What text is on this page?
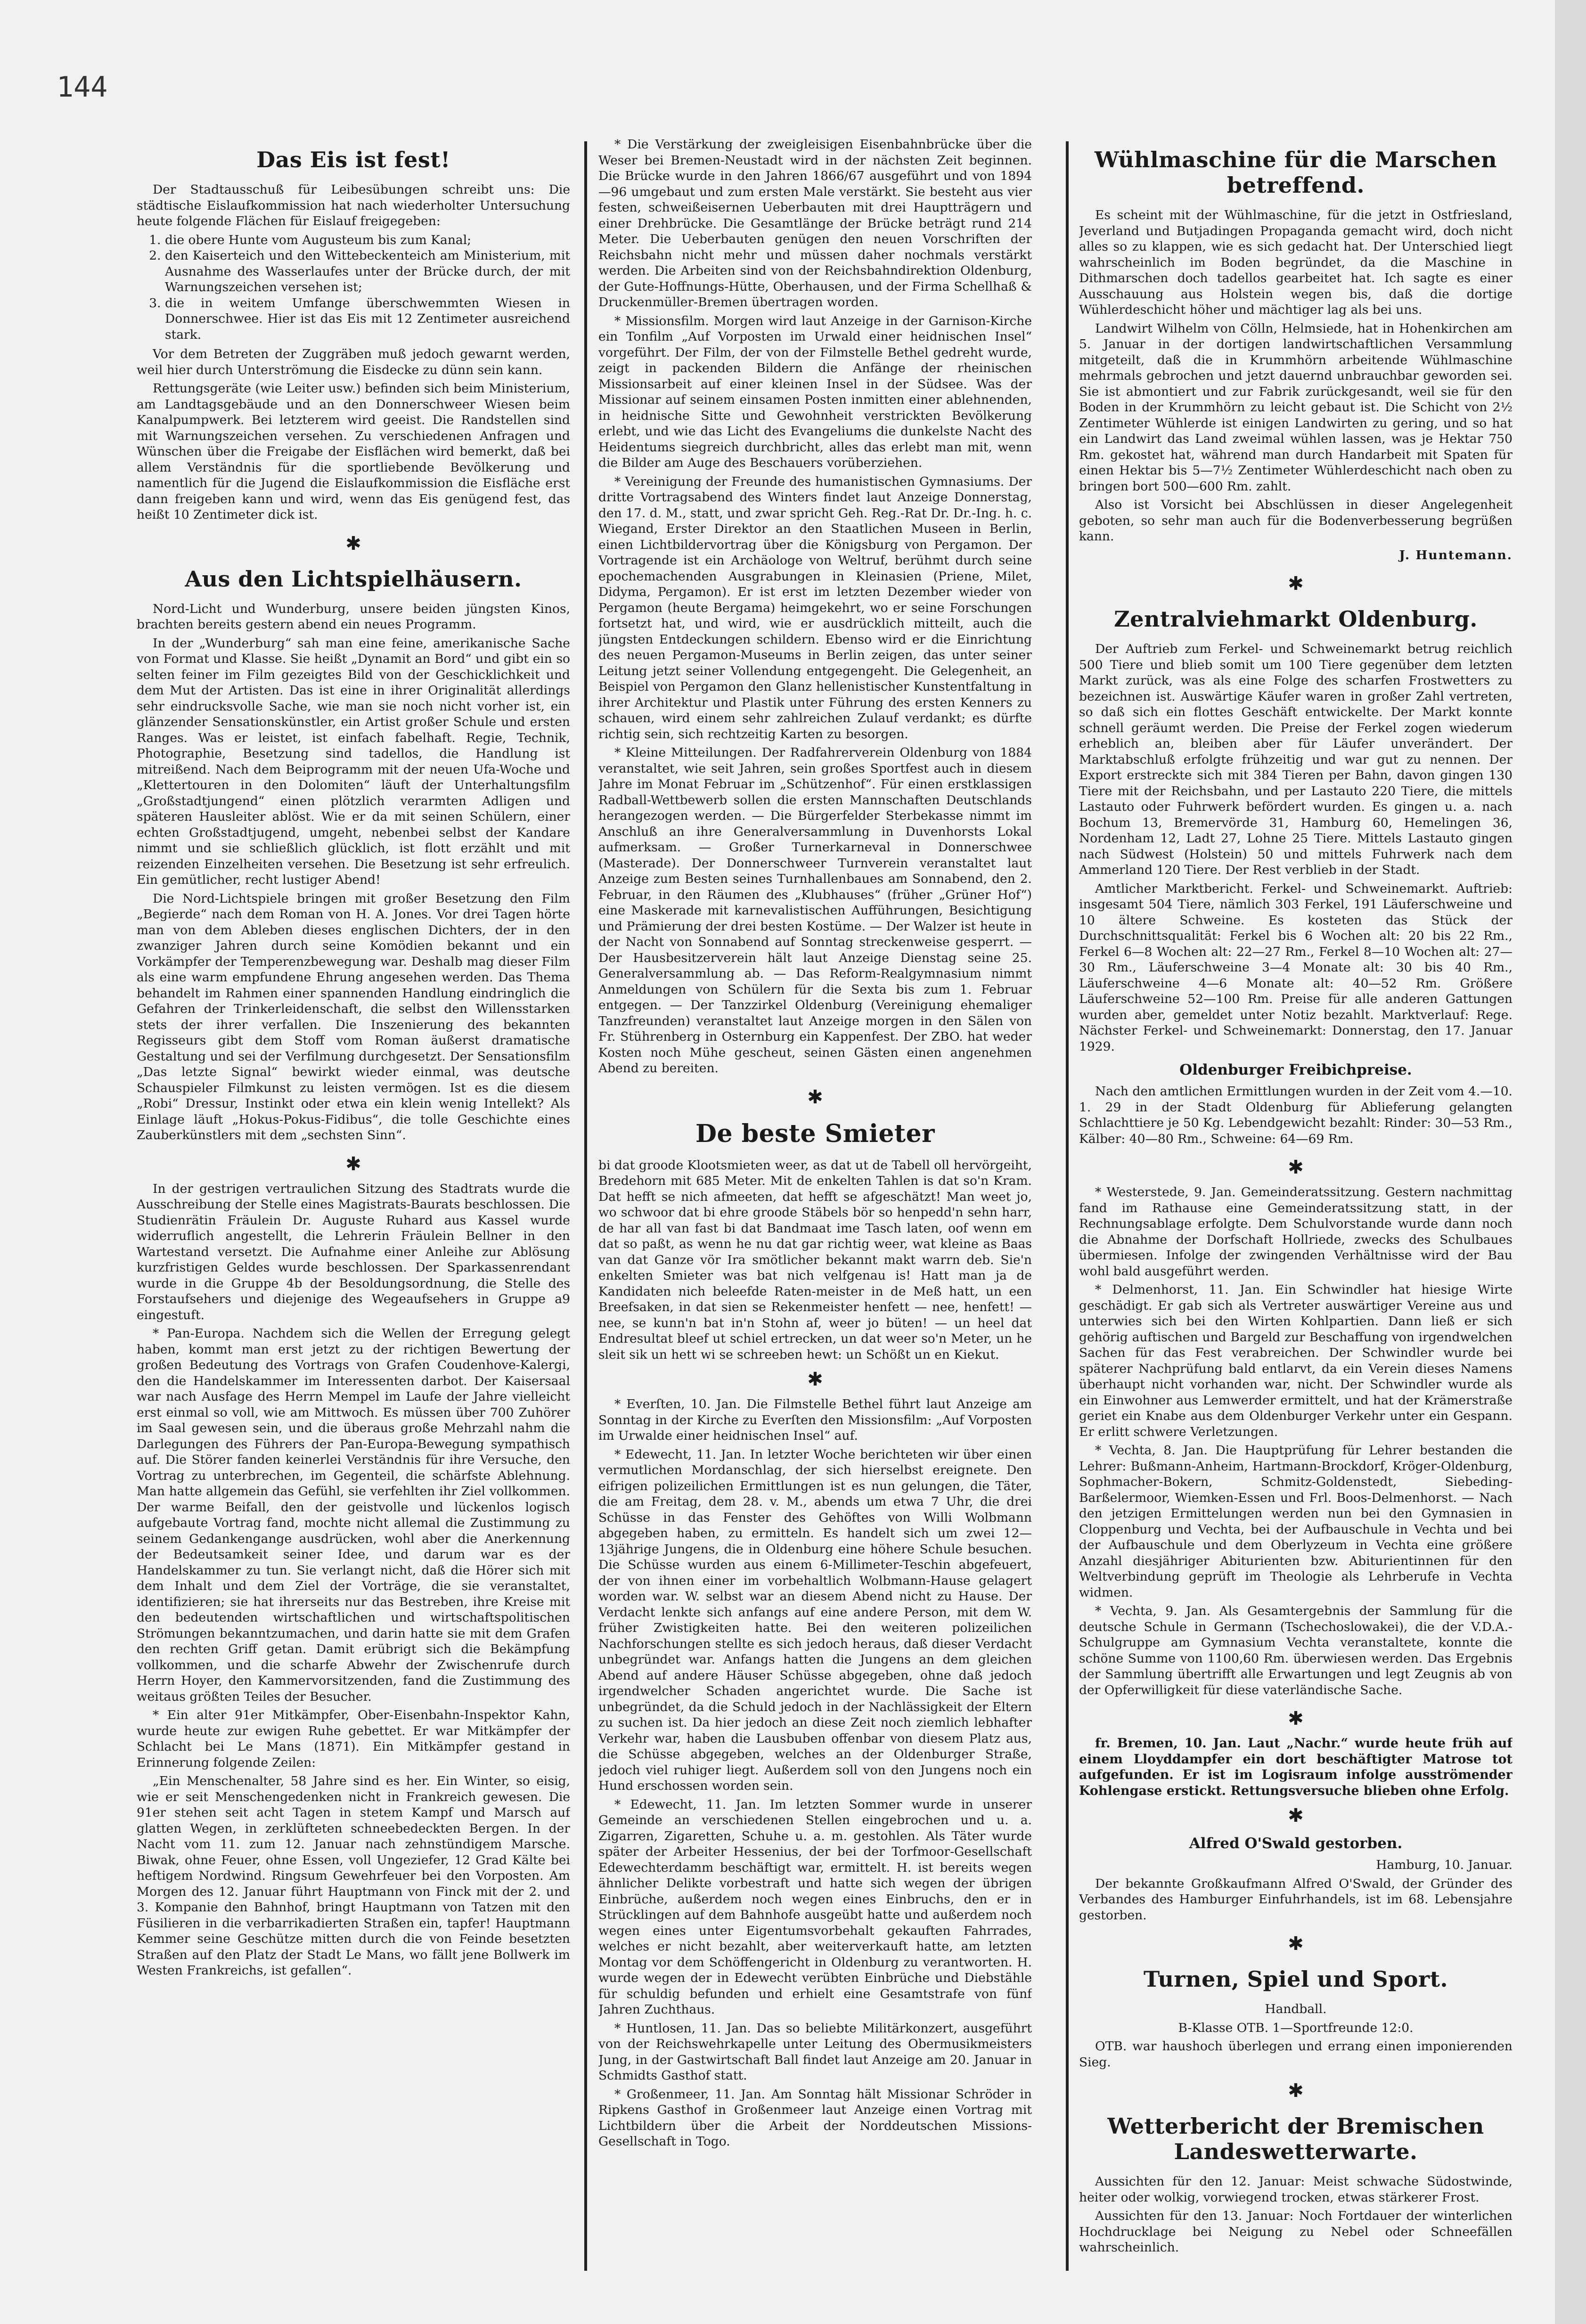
144
Das Eis ist fest!

Der Stadtausschuß für Leibesübungen schreibt uns: Die städtische Eislaufkommission hat nach wiederholter Untersuchung heute folgende Flächen für Eislauf freigegeben:

1. die obere Hunte vom Augusteum bis zum Kanal;
2. den Kaiserteich und den Wittebeckenteich am Ministerium, mit Ausnahme des Wasserlaufes unter der Brücke durch, der mit Warnungszeichen versehen ist;
3. die in weitem Umfange überschwemmten Wiesen in Donnerschwee. Hier ist das Eis mit 12 Zentimeter ausreichend stark.

Vor dem Betreten der Zuggräben muß jedoch gewarnt werden, weil hier durch Unterströmung die Eisdecke zu dünn sein kann.

Rettungsgeräte (wie Leiter usw.) befinden sich beim Ministerium, am Landtagsgebäude und an den Donnerschweer Wiesen beim Kanalpumpwerk. Bei letzterem wird geeist. Die Randstellen sind mit Warnungszeichen versehen. Zu verschiedenen Anfragen und Wünschen über die Freigabe der Eisflächen wird bemerkt, daß bei allem Verständnis für die sportliebende Bevölkerung und namentlich für die Jugend die Eislaufkommission die Eisfläche erst dann freigeben kann und wird, wenn das Eis genügend fest, das heißt 10 Zentimeter dick ist.

✱
Aus den Lichtspielhäusern.

Nord-Licht und Wunderburg, unsere beiden jüngsten Kinos, brachten bereits gestern abend ein neues Programm.

In der „Wunderburg“ sah man eine feine, amerikanische Sache von Format und Klasse. Sie heißt „Dynamit an Bord“ und gibt ein so selten feiner im Film gezeigtes Bild von der Geschicklichkeit und dem Mut der Artisten. Das ist eine in ihrer Originalität allerdings sehr eindrucksvolle Sache, wie man sie noch nicht vorher ist, ein glänzender Sensationskünstler, ein Artist großer Schule und ersten Ranges. Was er leistet, ist einfach fabelhaft. Regie, Technik, Photographie, Besetzung sind tadellos, die Handlung ist mitreißend. Nach dem Beiprogramm mit der neuen Ufa-Woche und „Klettertouren in den Dolomiten“ läuft der Unterhaltungsfilm „Großstadtjungend“ einen plötzlich verarmten Adligen und späteren Hausleiter ablöst. Wie er da mit seinen Schülern, einer echten Großstadtjugend, umgeht, nebenbei selbst der Kandare nimmt und sie schließlich glücklich, ist flott erzählt und mit reizenden Einzelheiten versehen. Die Besetzung ist sehr erfreulich. Ein gemütlicher, recht lustiger Abend!

Die Nord-Lichtspiele bringen mit großer Besetzung den Film „Begierde“ nach dem Roman von H. A. Jones. Vor drei Tagen hörte man von dem Ableben dieses englischen Dichters, der in den zwanziger Jahren durch seine Komödien bekannt und ein Vorkämpfer der Temperenzbewegung war. Deshalb mag dieser Film als eine warm empfundene Ehrung angesehen werden. Das Thema behandelt im Rahmen einer spannenden Handlung eindringlich die Gefahren der Trinkerleidenschaft, die selbst den Willensstarken stets der ihrer verfallen. Die Inszenierung des bekannten Regisseurs gibt dem Stoff vom Roman äußerst dramatische Gestaltung und sei der Verfilmung durchgesetzt. Der Sensationsfilm „Das letzte Signal“ bewirkt wieder einmal, was deutsche Schauspieler Filmkunst zu leisten vermögen. Ist es die diesem „Robi“ Dressur, Instinkt oder etwa ein klein wenig Intellekt? Als Einlage läuft „Hokus-Pokus-Fidibus“, die tolle Geschichte eines Zauberkünstlers mit dem „sechsten Sinn“.

✱

In der gestrigen vertraulichen Sitzung des Stadtrats wurde die Ausschreibung der Stelle eines Magistrats-Baurats beschlossen. Die Studienrätin Fräulein Dr. Auguste Ruhard aus Kassel wurde widerruflich angestellt, die Lehrerin Fräulein Bellner in den Wartestand versetzt. Die Aufnahme einer Anleihe zur Ablösung kurzfristigen Geldes wurde beschlossen. Der Sparkassenrendant wurde in die Gruppe 4b der Besoldungsordnung, die Stelle des Forstaufsehers und diejenige des Wegeaufsehers in Gruppe a9 eingestuft.

* Pan-Europa. Nachdem sich die Wellen der Erregung gelegt haben, kommt man erst jetzt zu der richtigen Bewertung der großen Bedeutung des Vortrags von Grafen Coudenhove-Kalergi, den die Handelskammer im Interessenten darbot. Der Kaisersaal war nach Ausfage des Herrn Mempel im Laufe der Jahre vielleicht erst einmal so voll, wie am Mittwoch. Es müssen über 700 Zuhörer im Saal gewesen sein, und die überaus große Mehrzahl nahm die Darlegungen des Führers der Pan-Europa-Bewegung sympathisch auf. Die Störer fanden keinerlei Verständnis für ihre Versuche, den Vortrag zu unterbrechen, im Gegenteil, die schärfste Ablehnung. Man hatte allgemein das Gefühl, sie verfehlten ihr Ziel vollkommen. Der warme Beifall, den der geistvolle und lückenlos logisch aufgebaute Vortrag fand, mochte nicht allemal die Zustimmung zu seinem Gedankengange ausdrücken, wohl aber die Anerkennung der Bedeutsamkeit seiner Idee, und darum war es der Handelskammer zu tun. Sie verlangt nicht, daß die Hörer sich mit dem Inhalt und dem Ziel der Vorträge, die sie veranstaltet, identifizieren; sie hat ihrerseits nur das Bestreben, ihre Kreise mit den bedeutenden wirtschaftlichen und wirtschaftspolitischen Strömungen bekanntzumachen, und darin hatte sie mit dem Grafen den rechten Griff getan. Damit erübrigt sich die Bekämpfung vollkommen, und die scharfe Abwehr der Zwischenrufe durch Herrn Hoyer, den Kammervorsitzenden, fand die Zustimmung des weitaus größten Teiles der Besucher.

* Ein alter 91er Mitkämpfer, Ober-Eisenbahn-Inspektor Kahn, wurde heute zur ewigen Ruhe gebettet. Er war Mitkämpfer der Schlacht bei Le Mans (1871). Ein Mitkämpfer gestand in Erinnerung folgende Zeilen:

„Ein Menschenalter, 58 Jahre sind es her. Ein Winter, so eisig, wie er seit Menschengedenken nicht in Frankreich gewesen. Die 91er stehen seit acht Tagen in stetem Kampf und Marsch auf glatten Wegen, in zerklüfteten schneebedeckten Bergen. In der Nacht vom 11. zum 12. Januar nach zehnstündigem Marsche. Biwak, ohne Feuer, ohne Essen, voll Ungeziefer, 12 Grad Kälte bei heftigem Nordwind. Ringsum Gewehrfeuer bei den Vorposten. Am Morgen des 12. Januar führt Hauptmann von Finck mit der 2. und 3. Kompanie den Bahnhof, bringt Hauptmann von Tatzen mit den Füsilieren in die verbarrikadierten Straßen ein, tapfer! Hauptmann Kemmer seine Geschütze mitten durch die von Feinde besetzten Straßen auf den Platz der Stadt Le Mans, wo fällt jene Bollwerk im Westen Frankreichs, ist gefallen“.

* Die Verstärkung der zweigleisigen Eisenbahnbrücke über die Weser bei Bremen-Neustadt wird in der nächsten Zeit beginnen. Die Brücke wurde in den Jahren 1866/67 ausgeführt und von 1894—96 umgebaut und zum ersten Male verstärkt. Sie besteht aus vier festen, schweißeisernen Ueberbauten mit drei Hauptträgern und einer Drehbrücke. Die Gesamtlänge der Brücke beträgt rund 214 Meter. Die Ueberbauten genügen den neuen Vorschriften der Reichsbahn nicht mehr und müssen daher nochmals verstärkt werden. Die Arbeiten sind von der Reichsbahndirektion Oldenburg, der Gute-Hoffnungs-Hütte, Oberhausen, und der Firma Schellhaß & Druckenmüller-Bremen übertragen worden.

* Missionsfilm. Morgen wird laut Anzeige in der Garnison-Kirche ein Tonfilm „Auf Vorposten im Urwald einer heidnischen Insel“ vorgeführt. Der Film, der von der Filmstelle Bethel gedreht wurde, zeigt in packenden Bildern die Anfänge der rheinischen Missionsarbeit auf einer kleinen Insel in der Südsee. Was der Missionar auf seinem einsamen Posten inmitten einer ablehnenden, in heidnische Sitte und Gewohnheit verstrickten Bevölkerung erlebt, und wie das Licht des Evangeliums die dunkelste Nacht des Heidentums siegreich durchbricht, alles das erlebt man mit, wenn die Bilder am Auge des Beschauers vorüberziehen.

* Vereinigung der Freunde des humanistischen Gymnasiums. Der dritte Vortragsabend des Winters findet laut Anzeige Donnerstag, den 17. d. M., statt, und zwar spricht Geh. Reg.-Rat Dr. Dr.-Ing. h. c. Wiegand, Erster Direktor an den Staatlichen Museen in Berlin, einen Lichtbildervortrag über die Königsburg von Pergamon. Der Vortragende ist ein Archäologe von Weltruf, berühmt durch seine epochemachenden Ausgrabungen in Kleinasien (Priene, Milet, Didyma, Pergamon). Er ist erst im letzten Dezember wieder von Pergamon (heute Bergama) heimgekehrt, wo er seine Forschungen fortsetzt hat, und wird, wie er ausdrücklich mitteilt, auch die jüngsten Entdeckungen schildern. Ebenso wird er die Einrichtung des neuen Pergamon-Museums in Berlin zeigen, das unter seiner Leitung jetzt seiner Vollendung entgegengeht. Die Gelegenheit, an Beispiel von Pergamon den Glanz hellenistischer Kunstentfaltung in ihrer Architektur und Plastik unter Führung des ersten Kenners zu schauen, wird einem sehr zahlreichen Zulauf verdankt; es dürfte richtig sein, sich rechtzeitig Karten zu besorgen.

* Kleine Mitteilungen. Der Radfahrerverein Oldenburg von 1884 veranstaltet, wie seit Jahren, sein großes Sportfest auch in diesem Jahre im Monat Februar im „Schützenhof“. Für einen erstklassigen Radball-Wettbewerb sollen die ersten Mannschaften Deutschlands herangezogen werden. — Die Bürgerfelder Sterbekasse nimmt im Anschluß an ihre Generalversammlung in Duvenhorsts Lokal aufmerksam. — Großer Turnerkarneval in Donnerschwee (Masterade). Der Donnerschweer Turnverein veranstaltet laut Anzeige zum Besten seines Turnhallenbaues am Sonnabend, den 2. Februar, in den Räumen des „Klubhauses“ (früher „Grüner Hof“) eine Maskerade mit karnevalistischen Aufführungen, Besichtigung und Prämierung der drei besten Kostüme. — Der Walzer ist heute in der Nacht von Sonnabend auf Sonntag streckenweise gesperrt. — Der Hausbesitzerverein hält laut Anzeige Dienstag seine 25. Generalversammlung ab. — Das Reform-Realgymnasium nimmt Anmeldungen von Schülern für die Sexta bis zum 1. Februar entgegen. — Der Tanzzirkel Oldenburg (Vereinigung ehemaliger Tanzfreunden) veranstaltet laut Anzeige morgen in den Sälen von Fr. Stührenberg in Osternburg ein Kappenfest. Der ZBO. hat weder Kosten noch Mühe gescheut, seinen Gästen einen angenehmen Abend zu bereiten.

✱
De beste Smieter

bi dat groode Klootsmieten weer, as dat ut de Tabell oll hervörgeiht, Bredehorn mit 685 Meter. Mit de enkelten Tahlen is dat so'n Kram. Dat hefft se nich afmeeten, dat hefft se afgeschätzt! Man weet jo, wo schwoor dat bi ehre groode Stäbels bör so henpedd'n sehn harr, de har all van fast bi dat Bandmaat ime Tasch laten, oof wenn em dat so paßt, as wenn he nu dat gar richtig weer, wat kleine as Baas van dat Ganze vör Ira smötlicher bekannt makt warrn deb. Sie'n enkelten Smieter was bat nich velfgenau is! Hatt man ja de Kandidaten nich beleefde Raten-meister in de Meß hatt, un een Breefsaken, in dat sien se Rekenmeister henfett — nee, henfett! — nee, se kunn'n bat in'n Stohn af, weer jo büten! — un heel dat Endresultat bleef ut schiel ertrecken, un dat weer so'n Meter, un he sleit sik un hett wi se schreeben hewt: un Schößt un en Kiekut.

✱

* Everſten, 10. Jan. Die Filmstelle Bethel führt laut Anzeige am Sonntag in der Kirche zu Everſten den Missionsfilm: „Auf Vorposten im Urwalde einer heidnischen Insel“ auf.

* Edewecht, 11. Jan. In letzter Woche berichteten wir über einen vermutlichen Mordanschlag, der sich hierselbst ereignete. Den eifrigen polizeilichen Ermittlungen ist es nun gelungen, die Täter, die am Freitag, dem 28. v. M., abends um etwa 7 Uhr, die drei Schüsse in das Fenster des Gehöftes von Willi Wolbmann abgegeben haben, zu ermitteln. Es handelt sich um zwei 12—13jährige Jungens, die in Oldenburg eine höhere Schule besuchen. Die Schüsse wurden aus einem 6-Millimeter-Teschin abgefeuert, der von ihnen einer im vorbehaltlich Wolbmann-Hause gelagert worden war. W. selbst war an diesem Abend nicht zu Hause. Der Verdacht lenkte sich anfangs auf eine andere Person, mit dem W. früher Zwistigkeiten hatte. Bei den weiteren polizeilichen Nachforschungen stellte es sich jedoch heraus, daß dieser Verdacht unbegründet war. Anfangs hatten die Jungens an dem gleichen Abend auf andere Häuser Schüsse abgegeben, ohne daß jedoch irgendwelcher Schaden angerichtet wurde. Die Sache ist unbegründet, da die Schuld jedoch in der Nachlässigkeit der Eltern zu suchen ist. Da hier jedoch an diese Zeit noch ziemlich lebhafter Verkehr war, haben die Lausbuben offenbar von diesem Platz aus, die Schüsse abgegeben, welches an der Oldenburger Straße, jedoch viel ruhiger liegt. Außerdem soll von den Jungens noch ein Hund erschossen worden sein.

* Edewecht, 11. Jan. Im letzten Sommer wurde in unserer Gemeinde an verschiedenen Stellen eingebrochen und u. a. Zigarren, Zigaretten, Schuhe u. a. m. gestohlen. Als Täter wurde später der Arbeiter Hessenius, der bei der Torfmoor-Gesellschaft Edewechterdamm beschäftigt war, ermittelt. H. ist bereits wegen ähnlicher Delikte vorbestraft und hatte sich wegen der übrigen Einbrüche, außerdem noch wegen eines Einbruchs, den er in Strücklingen auf dem Bahnhofe ausgeübt hatte und außerdem noch wegen eines unter Eigentumsvorbehalt gekauften Fahrrades, welches er nicht bezahlt, aber weiterverkauft hatte, am letzten Montag vor dem Schöffengericht in Oldenburg zu verantworten. H. wurde wegen der in Edewecht verübten Einbrüche und Diebstähle für schuldig befunden und erhielt eine Gesamtstrafe von fünf Jahren Zuchthaus.

* Huntlosen, 11. Jan. Das so beliebte Militärkonzert, ausgeführt von der Reichswehrkapelle unter Leitung des Obermusikmeisters Jung, in der Gastwirtschaft Ball findet laut Anzeige am 20. Januar in Schmidts Gasthof statt.

* Großenmeer, 11. Jan. Am Sonntag hält Missionar Schröder in Ripkens Gasthof in Großenmeer laut Anzeige einen Vortrag mit Lichtbildern über die Arbeit der Norddeutschen Missions-Gesellschaft in Togo.

Wühlmaschine für die Marschen betreffend.

Es scheint mit der Wühlmaschine, für die jetzt in Ostfriesland, Jeverland und Butjadingen Propaganda gemacht wird, doch nicht alles so zu klappen, wie es sich gedacht hat. Der Unterschied liegt wahrscheinlich im Boden begründet, da die Maschine in Dithmarschen doch tadellos gearbeitet hat. Ich sagte es einer Ausschauung aus Holstein wegen bis, daß die dortige Wühlerdeschicht höher und mächtiger lag als bei uns.

Landwirt Wilhelm von Cölln, Helmsiede, hat in Hohenkirchen am 5. Januar in der dortigen landwirtschaftlichen Versammlung mitgeteilt, daß die in Krummhörn arbeitende Wühlmaschine mehrmals gebrochen und jetzt dauernd unbrauchbar geworden sei. Sie ist abmontiert und zur Fabrik zurückgesandt, weil sie für den Boden in der Krummhörn zu leicht gebaut ist. Die Schicht von 2½ Zentimeter Wühlerde ist einigen Landwirten zu gering, und so hat ein Landwirt das Land zweimal wühlen lassen, was je Hektar 750 Rm. gekostet hat, während man durch Handarbeit mit Spaten für einen Hektar bis 5—7½ Zentimeter Wühlerdeschicht nach oben zu bringen bort 500—600 Rm. zahlt.

Also ist Vorsicht bei Abschlüssen in dieser Angelegenheit geboten, so sehr man auch für die Bodenverbesserung begrüßen kann.

J. Huntemann.

✱
Zentralviehmarkt Oldenburg.

Der Auftrieb zum Ferkel- und Schweinemarkt betrug reichlich 500 Tiere und blieb somit um 100 Tiere gegenüber dem letzten Markt zurück, was als eine Folge des scharfen Frostwetters zu bezeichnen ist. Auswärtige Käufer waren in großer Zahl vertreten, so daß sich ein flottes Geschäft entwickelte. Der Markt konnte schnell geräumt werden. Die Preise der Ferkel zogen wiederum erheblich an, bleiben aber für Läufer unverändert. Der Marktabschluß erfolgte frühzeitig und war gut zu nennen. Der Export erstreckte sich mit 384 Tieren per Bahn, davon gingen 130 Tiere mit der Reichsbahn, und per Lastauto 220 Tiere, die mittels Lastauto oder Fuhrwerk befördert wurden. Es gingen u. a. nach Bochum 13, Bremervörde 31, Hamburg 60, Hemelingen 36, Nordenham 12, Ladt 27, Lohne 25 Tiere. Mittels Lastauto gingen nach Südwest (Holstein) 50 und mittels Fuhrwerk nach dem Ammerland 120 Tiere. Der Rest verblieb in der Stadt.

Amtlicher Marktbericht. Ferkel- und Schweinemarkt. Auftrieb: insgesamt 504 Tiere, nämlich 303 Ferkel, 191 Läuferschweine und 10 ältere Schweine. Es kosteten das Stück der Durchschnittsqualität: Ferkel bis 6 Wochen alt: 20 bis 22 Rm., Ferkel 6—8 Wochen alt: 22—27 Rm., Ferkel 8—10 Wochen alt: 27—30 Rm., Läuferschweine 3—4 Monate alt: 30 bis 40 Rm., Läuferschweine 4—6 Monate alt: 40—52 Rm. Größere Läuferschweine 52—100 Rm. Preise für alle anderen Gattungen wurden aber, gemeldet unter Notiz bezahlt. Marktverlauf: Rege. Nächster Ferkel- und Schweinemarkt: Donnerstag, den 17. Januar 1929.

Oldenburger Freibichpreise.

Nach den amtlichen Ermittlungen wurden in der Zeit vom 4.—10. 1. 29 in der Stadt Oldenburg für Ablieferung gelangten Schlachttiere je 50 Kg. Lebendgewicht bezahlt: Rinder: 30—53 Rm., Kälber: 40—80 Rm., Schweine: 64—69 Rm.

✱

* Westerstede, 9. Jan. Gemeinderatssitzung. Gestern nachmittag fand im Rathause eine Gemeinderatssitzung statt, in der Rechnungsablage erfolgte. Dem Schulvorstande wurde dann noch die Abnahme der Dorfschaft Hollriede, zwecks des Schulbaues übermiesen. Infolge der zwingenden Verhältnisse wird der Bau wohl bald ausgeführt werden.

* Delmenhorst, 11. Jan. Ein Schwindler hat hiesige Wirte geschädigt. Er gab sich als Vertreter auswärtiger Vereine aus und unterwies sich bei den Wirten Kohlpartien. Dann ließ er sich gehörig auftischen und Bargeld zur Beschaffung von irgendwelchen Sachen für das Fest verabreichen. Der Schwindler wurde bei späterer Nachprüfung bald entlarvt, da ein Verein dieses Namens überhaupt nicht vorhanden war, nicht. Der Schwindler wurde als ein Einwohner aus Lemwerder ermittelt, und hat der Krämerstraße geriet ein Knabe aus dem Oldenburger Verkehr unter ein Gespann. Er erlitt schwere Verletzungen.

* Vechta, 8. Jan. Die Hauptprüfung für Lehrer bestanden die Lehrer: Bußmann-Anheim, Hartmann-Brockdorf, Kröger-Oldenburg, Sophmacher-Bokern, Schmitz-Goldenstedt, Siebeding-Barßelermoor, Wiemken-Essen und Frl. Boos-Delmenhorst. — Nach den jetzigen Ermittelungen werden nun bei den Gymnasien in Cloppenburg und Vechta, bei der Aufbauschule in Vechta und bei der Aufbauschule und dem Oberlyzeum in Vechta eine größere Anzahl diesjähriger Abiturienten bzw. Abiturientinnen für den Weltverbindung geprüft im Theologie als Lehrberufe in Vechta widmen.

* Vechta, 9. Jan. Als Gesamtergebnis der Sammlung für die deutsche Schule in Germann (Tschechoslowakei), die der V.D.A.-Schulgruppe am Gymnasium Vechta veranstaltete, konnte die schöne Summe von 1100,60 Rm. überwiesen werden. Das Ergebnis der Sammlung übertrifft alle Erwartungen und legt Zeugnis ab von der Opferwilligkeit für diese vaterländische Sache.

✱

fr. Bremen, 10. Jan. Laut „Nachr.“ wurde heute früh auf einem Lloyddampfer ein dort beschäftigter Matrose tot aufgefunden. Er ist im Logisraum infolge ausströmender Kohlengase erstickt. Rettungsversuche blieben ohne Erfolg.

✱
Alfred O'Swald gestorben.

Hamburg, 10. Januar.

Der bekannte Großkaufmann Alfred O'Swald, der Gründer des Verbandes des Hamburger Einfuhrhandels, ist im 68. Lebensjahre gestorben.

✱
Turnen, Spiel und Sport.

Handball.

B-Klasse OTB. 1—Sportfreunde 12:0.

OTB. war haushoch überlegen und errang einen imponierenden Sieg.

✱
Wetterbericht der Bremischen Landeswetterwarte.

Aussichten für den 12. Januar: Meist schwache Südostwinde, heiter oder wolkig, vorwiegend trocken, etwas stärkerer Frost.

Aussichten für den 13. Januar: Noch Fortdauer der winterlichen Hochdrucklage bei Neigung zu Nebel oder Schneefällen wahrscheinlich.
